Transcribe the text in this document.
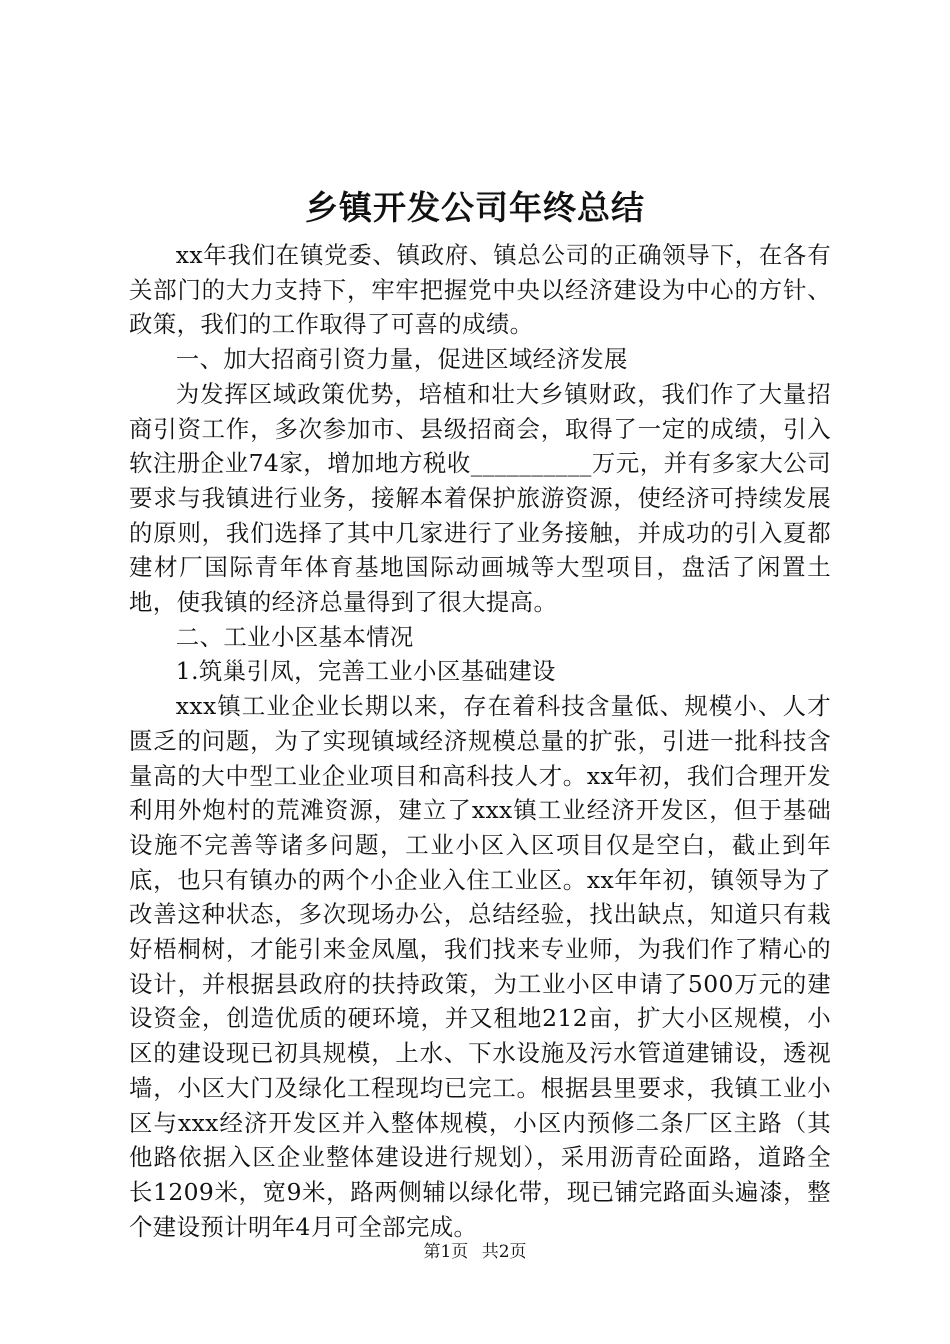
乡镇开发公司年终总结

xx年我们在镇党委、镇政府、镇总公司的正确领导下，在各有关部门的大力支持下，牢牢把握党中央以经济建设为中心的方针、政策，我们的工作取得了可喜的成绩。

一、加大招商引资力量，促进区域经济发展

为发挥区域政策优势，培植和壮大乡镇财政，我们作了大量招商引资工作，多次参加市、县级招商会，取得了一定的成绩，引入软注册企业74家，增加地方税收__________万元，并有多家大公司要求与我镇进行业务，接解本着保护旅游资源，使经济可持续发展的原则，我们选择了其中几家进行了业务接触，并成功的引入夏都建材厂国际青年体育基地国际动画城等大型项目，盘活了闲置土地，使我镇的经济总量得到了很大提高。

二、工业小区基本情况

1.筑巢引凤，完善工业小区基础建设

xxx镇工业企业长期以来，存在着科技含量低、规模小、人才匮乏的问题，为了实现镇域经济规模总量的扩张，引进一批科技含量高的大中型工业企业项目和高科技人才。xx年初，我们合理开发利用外炮村的荒滩资源，建立了xxx镇工业经济开发区，但于基础设施不完善等诸多问题，工业小区入区项目仅是空白，截止到年底，也只有镇办的两个小企业入住工业区。xx年年初，镇领导为了改善这种状态，多次现场办公，总结经验，找出缺点，知道只有栽好梧桐树，才能引来金凤凰，我们找来专业师，为我们作了精心的设计，并根据县政府的扶持政策，为工业小区申请了500万元的建设资金，创造优质的硬环境，并又租地212亩，扩大小区规模，小区的建设现已初具规模，上水、下水设施及污水管道建铺设，透视墙，小区大门及绿化工程现均已完工。根据县里要求，我镇工业小区与xxx经济开发区并入整体规模，小区内预修二条厂区主路（其他路依据入区企业整体建设进行规划），采用沥青砼面路，道路全长1209米，宽9米，路两侧辅以绿化带，现已铺完路面头遍漆，整个建设预计明年4月可全部完成。

第1页 共2页
